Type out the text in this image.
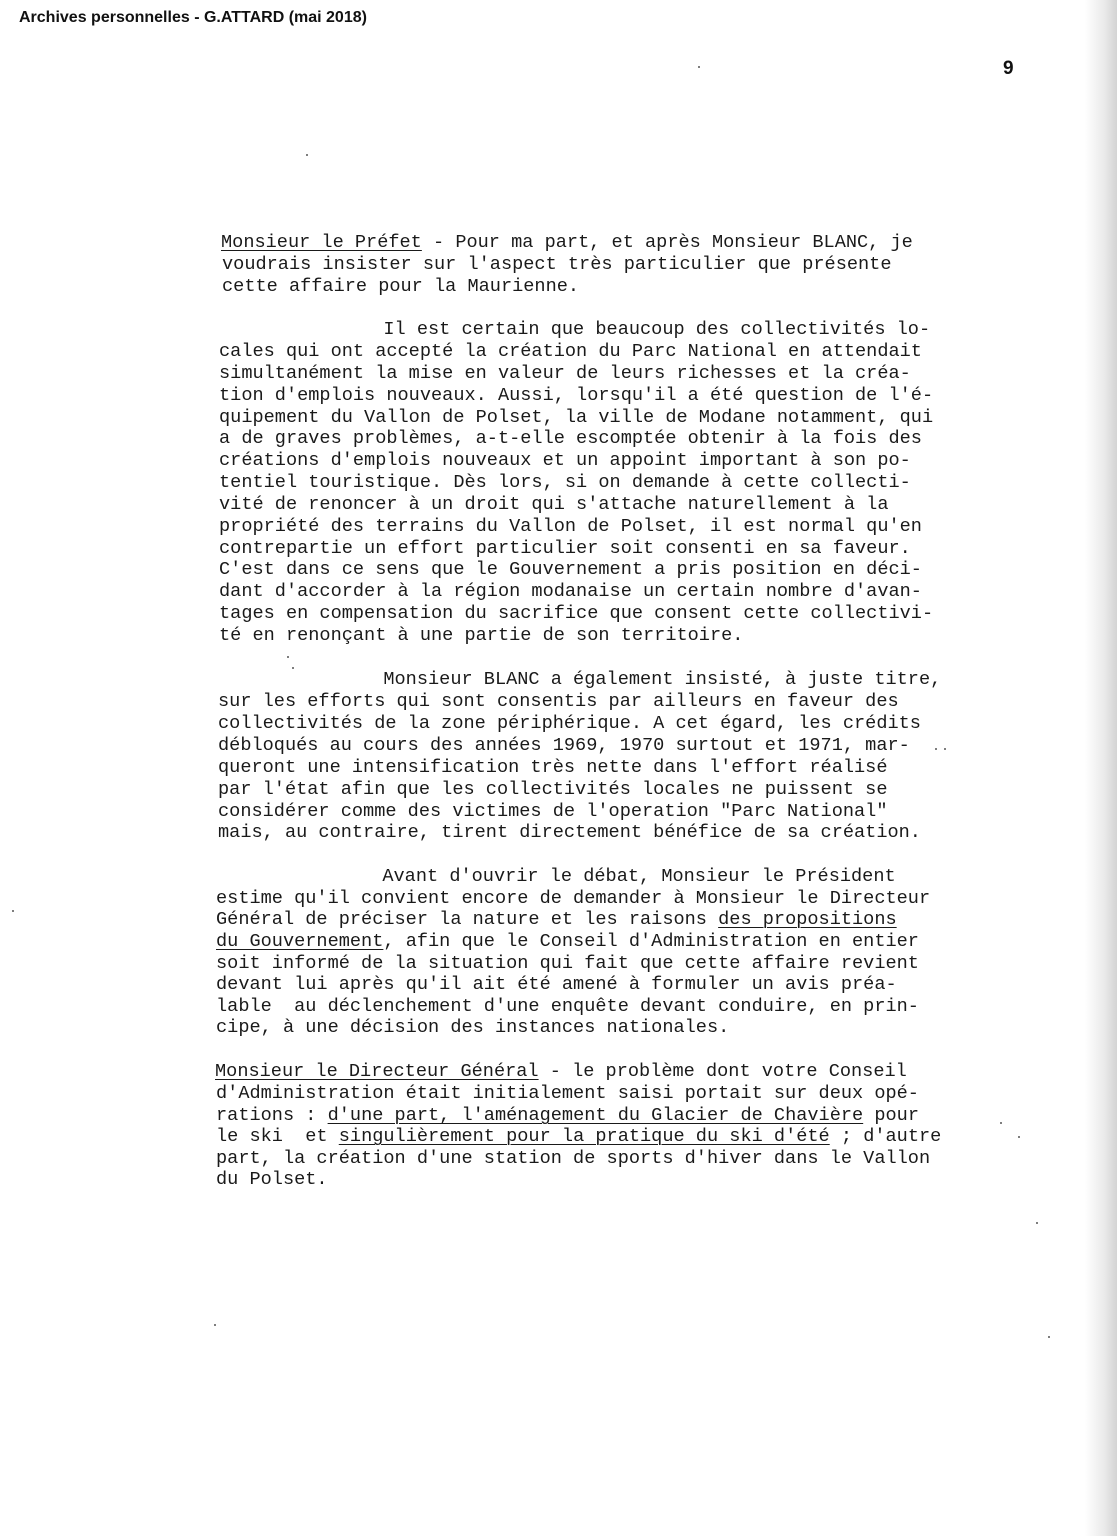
Archives personnelles - G.ATTARD (mai 2018)
9
Monsieur le Préfet - Pour ma part, et après Monsieur BLANC, je
voudrais insister sur l'aspect très particulier que présente
cette affaire pour la Maurienne.
Il est certain que beaucoup des collectivités lo-
cales qui ont accepté la création du Parc National en attendait
simultanément la mise en valeur de leurs richesses et la créa-
tion d'emplois nouveaux. Aussi, lorsqu'il a été question de l'é-
quipement du Vallon de Polset, la ville de Modane notamment, qui
a de graves problèmes, a-t-elle escomptée obtenir à la fois des
créations d'emplois nouveaux et un appoint important à son po-
tentiel touristique. Dès lors, si on demande à cette collecti-
vité de renoncer à un droit qui s'attache naturellement à la
propriété des terrains du Vallon de Polset, il est normal qu'en
contrepartie un effort particulier soit consenti en sa faveur.
C'est dans ce sens que le Gouvernement a pris position en déci-
dant d'accorder à la région modanaise un certain nombre d'avan-
tages en compensation du sacrifice que consent cette collectivi-
té en renonçant à une partie de son territoire.
Monsieur BLANC a également insisté, à juste titre,
sur les efforts qui sont consentis par ailleurs en faveur des
collectivités de la zone périphérique. A cet égard, les crédits
débloqués au cours des années 1969, 1970 surtout et 1971, mar-
queront une intensification très nette dans l'effort réalisé
par l'état afin que les collectivités locales ne puissent se
considérer comme des victimes de l'operation "Parc National"
mais, au contraire, tirent directement bénéfice de sa création.
Avant d'ouvrir le débat, Monsieur le Président
estime qu'il convient encore de demander à Monsieur le Directeur
Général de préciser la nature et les raisons des propositions
du Gouvernement, afin que le Conseil d'Administration en entier
soit informé de la situation qui fait que cette affaire revient
devant lui après qu'il ait été amené à formuler un avis préa-
lable  au déclenchement d'une enquête devant conduire, en prin-
cipe, à une décision des instances nationales.
Monsieur le Directeur Général - le problème dont votre Conseil
d'Administration était initialement saisi portait sur deux opé-
rations : d'une part, l'aménagement du Glacier de Chavière pour
le ski  et singulièrement pour la pratique du ski d'été ; d'autre
part, la création d'une station de sports d'hiver dans le Vallon
du Polset.
